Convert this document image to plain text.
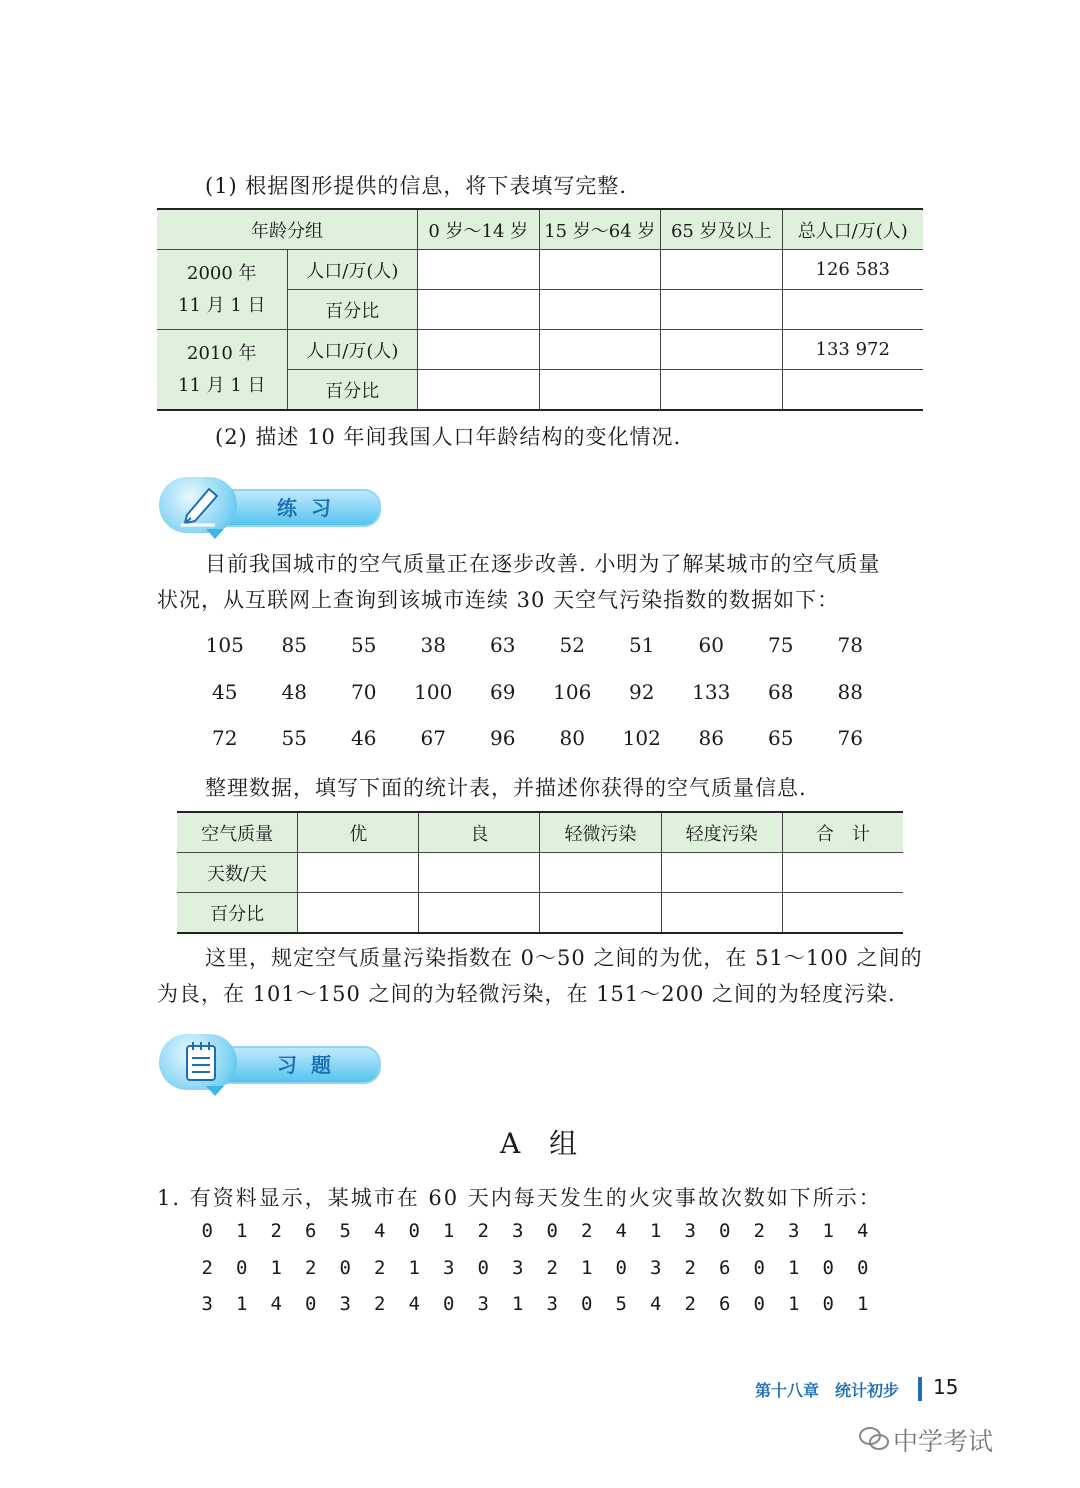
(1) 根据图形提供的信息，将下表填写完整.
年龄分组		0 岁～14 岁	15 岁～64 岁	65 岁及以上	总人口/万(人)

2000 年
11 月 1 日	人口/万(人)				126 583
	百分比				

2010 年
11 月 1 日	人口/万(人)				133 972
	百分比				
(2) 描述 10 年间我国人口年龄结构的变化情况.
练习
目前我国城市的空气质量正在逐步改善. 小明为了解某城市的空气质量
状况，从互联网上查询到该城市连续 30 天空气污染指数的数据如下：
105	85	55	38	63	52	51	60	75	78
45	48	70	100	69	106	92	133	68	88
72	55	46	67	96	80	102	86	65	76
整理数据，填写下面的统计表，并描述你获得的空气质量信息.
空气质量	优	良	轻微污染	轻度污染	合　计
天数/天					
百分比					
这里，规定空气质量污染指数在 0～50 之间的为优，在 51～100 之间的
为良，在 101～150 之间的为轻微污染，在 151～200 之间的为轻度污染.
习题
A 组
1. 有资料显示，某城市在 60 天内每天发生的火灾事故次数如下所示：
0	1	2	6	5	4	0	1	2	3	0	2	4	1	3	0	2	3	1	4
2	0	1	2	0	2	1	3	0	3	2	1	0	3	2	6	0	1	0	0
3	1	4	0	3	2	4	0	3	1	3	0	5	4	2	6	0	1	0	1
第十八章　统计初步 15
中学考试
